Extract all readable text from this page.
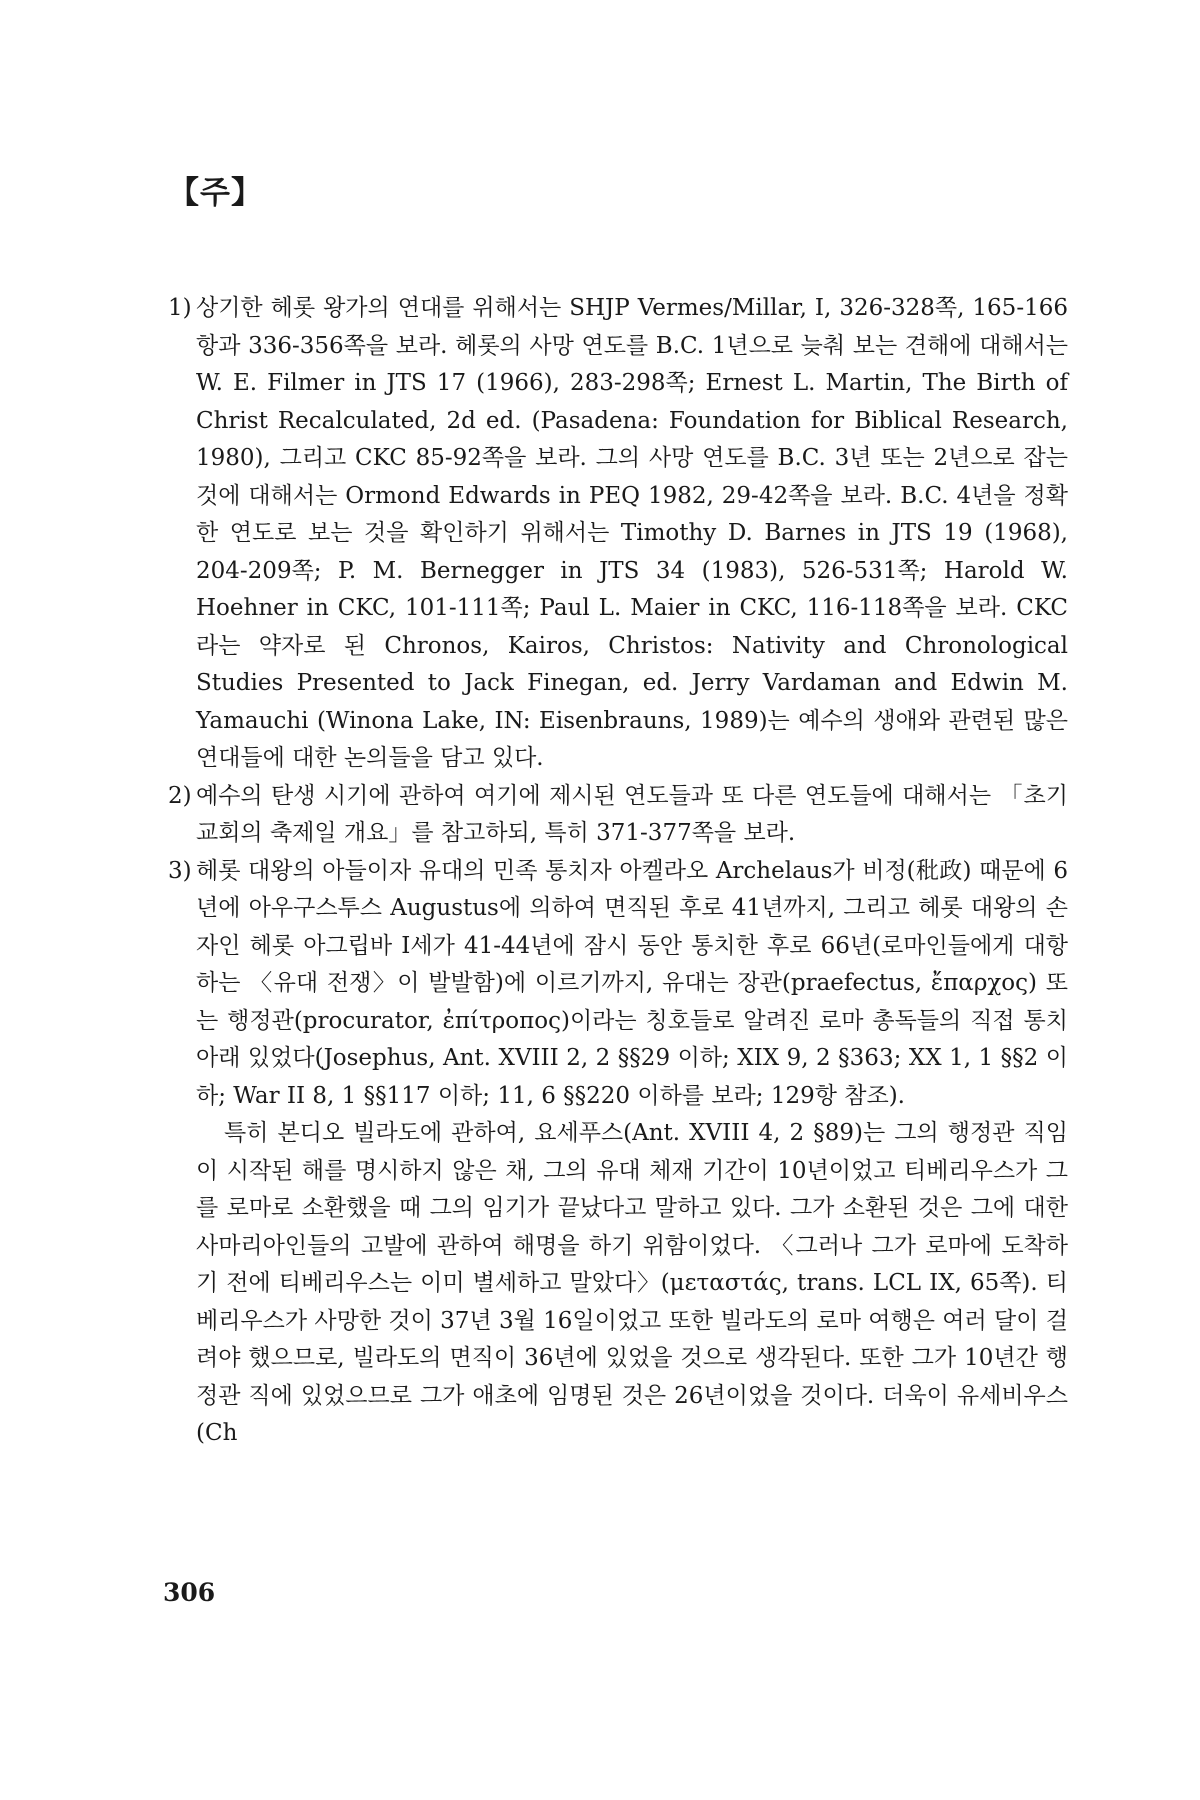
【주】
1) 상기한 헤롯 왕가의 연대를 위해서는 SHJP Vermes/Millar, I, 326-328쪽, 165-166항과 336-356쪽을 보라. 헤롯의 사망 연도를 B.C. 1년으로 늦춰 보는 견해에 대해서는 W. E. Filmer in JTS 17 (1966), 283-298쪽; Ernest L. Martin, The Birth of Christ Recalculated, 2d ed. (Pasadena: Foundation for Biblical Research, 1980), 그리고 CKC 85-92쪽을 보라. 그의 사망 연도를 B.C. 3년 또는 2년으로 잡는 것에 대해서는 Ormond Edwards in PEQ 1982, 29-42쪽을 보라. B.C. 4년을 정확한 연도로 보는 것을 확인하기 위해서는 Timothy D. Barnes in JTS 19 (1968), 204-209쪽; P. M. Bernegger in JTS 34 (1983), 526-531쪽; Harold W. Hoehner in CKC, 101-111쪽; Paul L. Maier in CKC, 116-118쪽을 보라. CKC라는 약자로 된 Chronos, Kairos, Christos: Nativity and Chronological Studies Presented to Jack Finegan, ed. Jerry Vardaman and Edwin M. Yamauchi (Winona Lake, IN: Eisenbrauns, 1989)는 예수의 생애와 관련된 많은 연대들에 대한 논의들을 담고 있다.
2) 예수의 탄생 시기에 관하여 여기에 제시된 연도들과 또 다른 연도들에 대해서는 「초기 교회의 축제일 개요」를 참고하되, 특히 371-377쪽을 보라.
3) 헤롯 대왕의 아들이자 유대의 민족 통치자 아켈라오 Archelaus가 비정(秕政) 때문에 6년에 아우구스투스 Augustus에 의하여 면직된 후로 41년까지, 그리고 헤롯 대왕의 손자인 헤롯 아그립바 I세가 41-44년에 잠시 동안 통치한 후로 66년(로마인들에게 대항하는 〈유대 전쟁〉이 발발함)에 이르기까지, 유대는 장관(praefectus, ἔπαρχος) 또는 행정관(procurator, ἐπίτροπος)이라는 칭호들로 알려진 로마 총독들의 직접 통치 아래 있었다(Josephus, Ant. XVIII 2, 2 §§29 이하; XIX 9, 2 §363; XX 1, 1 §§2 이하; War II 8, 1 §§117 이하; 11, 6 §§220 이하를 보라; 129항 참조).

특히 본디오 빌라도에 관하여, 요세푸스(Ant. XVIII 4, 2 §89)는 그의 행정관 직임이 시작된 해를 명시하지 않은 채, 그의 유대 체재 기간이 10년이었고 티베리우스가 그를 로마로 소환했을 때 그의 임기가 끝났다고 말하고 있다. 그가 소환된 것은 그에 대한 사마리아인들의 고발에 관하여 해명을 하기 위함이었다. 〈그러나 그가 로마에 도착하기 전에 티베리우스는 이미 별세하고 말았다〉(μεταστάς, trans. LCL IX, 65쪽). 티베리우스가 사망한 것이 37년 3월 16일이었고 또한 빌라도의 로마 여행은 여러 달이 걸려야 했으므로, 빌라도의 면직이 36년에 있었을 것으로 생각된다. 또한 그가 10년간 행정관 직에 있었으므로 그가 애초에 임명된 것은 26년이었을 것이다. 더욱이 유세비우스(Ch

306
